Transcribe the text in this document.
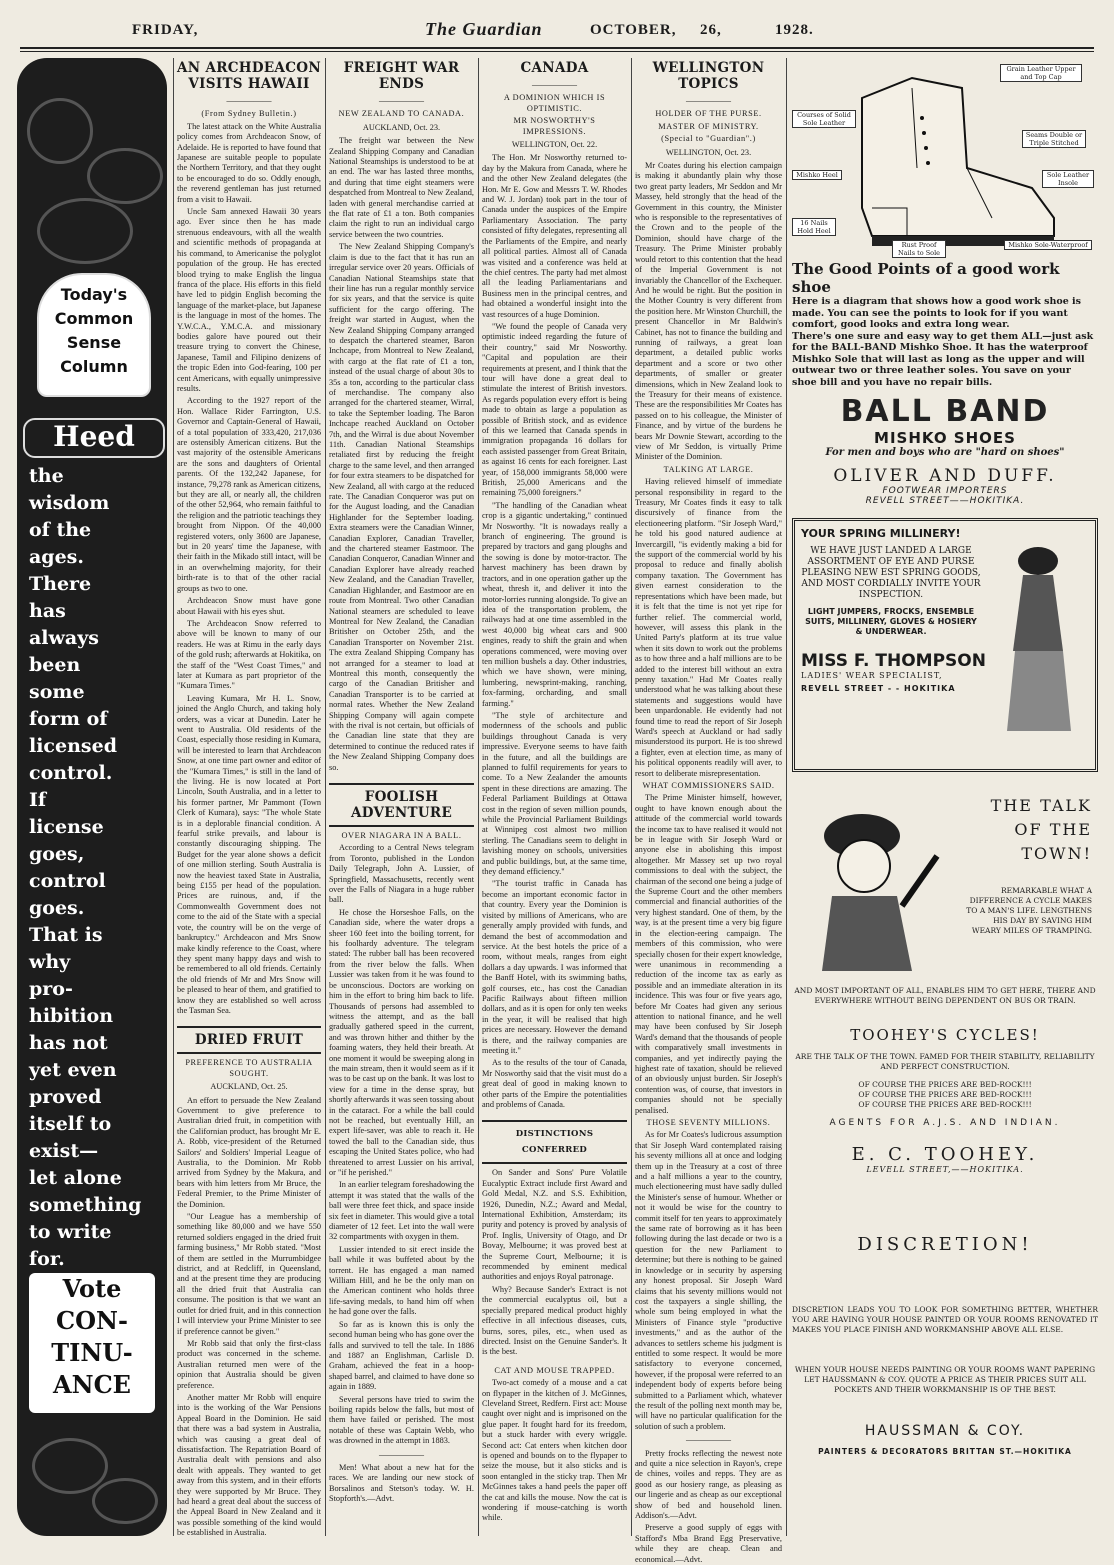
FRIDAY,	The Guardian	OCTOBER, 26,	1928.
Today's Common Sense Column
Heed
the
wisdom
of the
ages.
There
has
always
been
some
form of
licensed
control.
If
license
goes,
control
goes.
That is
why
pro-
hibition
has not
yet even
proved
itself to
exist—
let alone
something
to write
for.
Vote
CON-
TINU-
ANCE
AN ARCHDEACON VISITS HAWAII
—————
(From Sydney Bulletin.)

The latest attack on the White Australia policy comes from Archdeacon Snow, of Adelaide. He is reported to have found that Japanese are suitable people to populate the Northern Territory, and that they ought to be encouraged to do so. Oddly enough, the reverend gentleman has just returned from a visit to Hawaii.

Uncle Sam annexed Hawaii 30 years ago. Ever since then he has made strenuous endeavours, with all the wealth and scientific methods of propaganda at his command, to Americanise the polyglot population of the group. He has erected blood trying to make English the lingua franca of the place. His efforts in this field have led to pidgin English becoming the language of the market-place, but Japanese is the language in most of the homes. The Y.W.C.A., Y.M.C.A. and missionary bodies galore have poured out their treasure trying to convert the Chinese, Japanese, Tamil and Filipino denizens of the tropic Eden into God-fearing, 100 per cent Americans, with equally unimpressive results.

According to the 1927 report of the Hon. Wallace Rider Farrington, U.S. Governor and Captain-General of Hawaii, of a total population of 333,420, 217,036 are ostensibly American citizens. But the vast majority of the ostensible Americans are the sons and daughters of Oriental parents. Of the 132,242 Japanese, for instance, 79,278 rank as American citizens, but they are all, or nearly all, the children of the other 52,964, who remain faithful to the religion and the patriotic teachings they brought from Nippon. Of the 40,000 registered voters, only 3600 are Japanese, but in 20 years' time the Japanese, with their faith in the Mikado still intact, will be in an overwhelming majority, for their birth-rate is to that of the other racial groups as two to one.

Archdeacon Snow must have gone about Hawaii with his eyes shut.

The Archdeacon Snow referred to above will be known to many of our readers. He was at Rimu in the early days of the gold rush; afterwards at Hokitika, on the staff of the "West Coast Times," and later at Kumara as part proprietor of the "Kumara Times."

Leaving Kumara, Mr H. L. Snow, joined the Anglo Church, and taking holy orders, was a vicar at Dunedin. Later he went to Australia. Old residents of the Coast, especially those residing in Kumara, will be interested to learn that Archdeacon Snow, at one time part owner and editor of the "Kumara Times," is still in the land of the living. He is now located at Port Lincoln, South Australia, and in a letter to his former partner, Mr Pammont (Town Clerk of Kumara), says: "The whole State is in a deplorable financial condition. A fearful strike prevails, and labour is constantly discouraging shipping. The Budget for the year alone shows a deficit of one million sterling. South Australia is now the heaviest taxed State in Australia, being £155 per head of the population. Prices are ruinous, and, if the Commonwealth Government does not come to the aid of the State with a special vote, the country will be on the verge of bankruptcy." Archdeacon and Mrs Snow make kindly reference to the Coast, where they spent many happy days and wish to be remembered to all old friends. Certainly the old friends of Mr and Mrs Snow will be pleased to hear of them, and gratified to know they are established so well across the Tasman Sea.

DRIED FRUIT
PREFERENCE TO AUSTRALIA SOUGHT.
AUCKLAND, Oct. 25.

An effort to persuade the New Zealand Government to give preference to Australian dried fruit, in competition with the Californian product, has brought Mr E. A. Robb, vice-president of the Returned Sailors' and Soldiers' Imperial League of Australia, to the Dominion. Mr Robb arrived from Sydney by the Makura, and bears with him letters from Mr Bruce, the Federal Premier, to the Prime Minister of the Dominion.

"Our League has a membership of something like 80,000 and we have 550 returned soldiers engaged in the dried fruit farming business," Mr Robb stated. "Most of them are settled in the Murrumbidgee district, and at Redcliff, in Queensland, and at the present time they are producing all the dried fruit that Australia can consume. The position is that we want an outlet for dried fruit, and in this connection I will interview your Prime Minister to see if preference cannot be given."

Mr Robb said that only the first-class product was concerned in the scheme. Australian returned men were of the opinion that Australia should be given preference.

Another matter Mr Robb will enquire into is the working of the War Pensions Appeal Board in the Dominion. He said that there was a bad system in Australia, which was causing a great deal of dissatisfaction. The Repatriation Board of Australia dealt with pensions and also dealt with appeals. They wanted to get away from this system, and in their efforts they were supported by Mr Bruce. They had heard a great deal about the success of the Appeal Board in New Zealand and it was possible something of the kind would be established in Australia.

FREIGHT WAR ENDS
—————
NEW ZEALAND TO CANADA.
AUCKLAND, Oct. 23.

The freight war between the New Zealand Shipping Company and Canadian National Steamships is understood to be at an end. The war has lasted three months, and during that time eight steamers were despatched from Montreal to New Zealand, laden with general merchandise carried at the flat rate of £1 a ton. Both companies claim the right to run an individual cargo service between the two countries.

The New Zealand Shipping Company's claim is due to the fact that it has run an irregular service over 20 years. Officials of Canadian National Steamships state that their line has run a regular monthly service for six years, and that the service is quite sufficient for the cargo offering. The freight war started in August, when the New Zealand Shipping Company arranged to despatch the chartered steamer, Baron Inchcape, from Montreal to New Zealand, with cargo at the flat rate of £1 a ton, instead of the usual charge of about 30s to 35s a ton, according to the particular class of merchandise. The company also arranged for the chartered steamer, Wirral, to take the September loading. The Baron Inchcape reached Auckland on October 7th, and the Wirral is due about November 11th. Canadian National Steamships retaliated first by reducing the freight charge to the same level, and then arranged for four extra steamers to be dispatched for New Zealand, all with cargo at the reduced rate. The Canadian Conqueror was put on for the August loading, and the Canadian Highlander for the September loading. Extra steamers were the Canadian Winner, Canadian Explorer, Canadian Traveller, and the chartered steamer Eastmoor. The Canadian Conqueror, Canadian Winner and Canadian Explorer have already reached New Zealand, and the Canadian Traveller, Canadian Highlander, and Eastmoor are en route from Montreal. Two other Canadian National steamers are scheduled to leave Montreal for New Zealand, the Canadian Britisher on October 25th, and the Canadian Transporter on November 21st. The extra Zealand Shipping Company has not arranged for a steamer to load at Montreal this month, consequently the cargo of the Canadian Britisher and Canadian Transporter is to be carried at normal rates. Whether the New Zealand Shipping Company will again compete with the rival is not certain, but officials of the Canadian line state that they are determined to continue the reduced rates if the New Zealand Shipping Company does so.

FOOLISH ADVENTURE
OVER NIAGARA IN A BALL.

According to a Central News telegram from Toronto, published in the London Daily Telegraph, John A. Lussier, of Springfield, Massachusetts, recently went over the Falls of Niagara in a huge rubber ball.

He chose the Horseshoe Falls, on the Canadian side, where the water drops a sheer 160 feet into the boiling torrent, for his foolhardy adventure. The telegram stated: The rubber ball has been recovered from the river below the falls. When Lussier was taken from it he was found to be unconscious. Doctors are working on him in the effort to bring him back to life. Thousands of persons had assembled to witness the attempt, and as the ball gradually gathered speed in the current, and was thrown hither and thither by the foaming waters, they held their breath. At one moment it would be sweeping along in the main stream, then it would seem as if it was to be cast up on the bank. It was lost to view for a time in the dense spray, but shortly afterwards it was seen tossing about in the cataract. For a while the ball could not be reached, but eventually Hill, an expert life-saver, was able to reach it. He towed the ball to the Canadian side, thus escaping the United States police, who had threatened to arrest Lussier on his arrival, or "if he perished."

In an earlier telegram foreshadowing the attempt it was stated that the walls of the ball were three feet thick, and space inside six feet in diameter. This would give a total diameter of 12 feet. Let into the wall were 32 compartments with oxygen in them.

Lussier intended to sit erect inside the ball while it was buffeted about by the torrent. He has engaged a man named William Hill, and he be the only man on the American continent who holds three life-saving medals, to hand him off when he had gone over the falls.

So far as is known this is only the second human being who has gone over the falls and survived to tell the tale. In 1886 and 1887 an Englishman, Carlisle D. Graham, achieved the feat in a hoop-shaped barrel, and claimed to have done so again in 1889.

Several persons have tried to swim the boiling rapids below the falls, but most of them have failed or perished. The most notable of these was Captain Webb, who was drowned in the attempt in 1883.

—————

Men! What about a new hat for the races. We are landing our new stock of Borsalinos and Stetson's today. W. H. Stopforth's.—Advt.

CANADA
—————
A DOMINION WHICH IS OPTIMISTIC.
MR NOSWORTHY'S IMPRESSIONS.
WELLINGTON, Oct. 22.

The Hon. Mr Nosworthy returned to-day by the Makura from Canada, where he and the other New Zealand delegates (the Hon. Mr E. Gow and Messrs T. W. Rhodes and W. J. Jordan) took part in the tour of Canada under the auspices of the Empire Parliamentary Association. The party consisted of fifty delegates, representing all the Parliaments of the Empire, and nearly all political parties. Almost all of Canada was visited and a conference was held at the chief centres. The party had met almost all the leading Parliamentarians and Business men in the principal centres, and had obtained a wonderful insight into the vast resources of a huge Dominion.

"We found the people of Canada very optimistic indeed regarding the future of their country," said Mr Nosworthy. "Capital and population are their requirements at present, and I think that the tour will have done a great deal to stimulate the interest of British investors. As regards population every effort is being made to obtain as large a population as possible of British stock, and as evidence of this we learned that Canada spends in immigration propaganda 16 dollars for each assisted passenger from Great Britain, as against 16 cents for each foreigner. Last year, of 158,000 immigrants 58,000 were British, 25,000 Americans and the remaining 75,000 foreigners."

"The handling of the Canadian wheat crop is a gigantic undertaking," continued Mr Nosworthy. "It is nowadays really a branch of engineering. The ground is prepared by tractors and gang ploughs and the sowing is done by motor-tractor. The harvest machinery has been drawn by tractors, and in one operation gather up the wheat, thresh it, and deliver it into the motor-lorries running alongside. To give an idea of the transportation problem, the railways had at one time assembled in the west 40,000 big wheat cars and 900 engines, ready to shift the grain and when operations commenced, were moving over ten million bushels a day. Other industries, which we have shown, were mining, lumbering, newsprint-making, ranching, fox-farming, orcharding, and small farming."

"The style of architecture and modernness of the schools and public buildings throughout Canada is very impressive. Everyone seems to have faith in the future, and all the buildings are planned to fulfil requirements for years to come. To a New Zealander the amounts spent in these directions are amazing. The Federal Parliament Buildings at Ottawa cost in the region of seven million pounds, while the Provincial Parliament Buildings at Winnipeg cost almost two million sterling. The Canadians seem to delight in lavishing money on schools, universities and public buildings, but, at the same time, they demand efficiency."

"The tourist traffic in Canada has become an important economic factor in that country. Every year the Dominion is visited by millions of Americans, who are generally amply provided with funds, and demand the best of accommodation and service. At the best hotels the price of a room, without meals, ranges from eight dollars a day upwards. I was informed that the Banff Hotel, with its swimming baths, golf courses, etc., has cost the Canadian Pacific Railways about fifteen million dollars, and as it is open for only ten weeks in the year, it will be realised that high prices are necessary. However the demand is there, and the railway companies are meeting it."

As to the results of the tour of Canada, Mr Nosworthy said that the visit must do a great deal of good in making known to other parts of the Empire the potentialities and problems of Canada.

DISTINCTIONS CONFERRED

On Sander and Sons' Pure Volatile Eucalyptic Extract include first Award and Gold Medal, N.Z. and S.S. Exhibition, 1926, Dunedin, N.Z.; Award and Medal, International Exhibition, Amsterdam; its purity and potency is proved by analysis of Prof. Inglis, University of Otago, and Dr Bovay, Melbourne; it was proved best at the Supreme Court, Melbourne; it is recommended by eminent medical authorities and enjoys Royal patronage.

Why? Because Sander's Extract is not the commercial eucalyptus oil, but a specially prepared medical product highly effective in all infectious diseases, cuts, burns, sores, piles, etc., when used as directed. Insist on the Genuine Sander's. It is the best.

CAT AND MOUSE TRAPPED.

Two-act comedy of a mouse and a cat on flypaper in the kitchen of J. McGinnes, Cleveland Street, Redfern. First act: Mouse caught over night and is imprisoned on the glue paper. It fought hard for its freedom, but a stuck harder with every wriggle. Second act: Cat enters when kitchen door is opened and bounds on to the flypaper to seize the mouse, but it also sticks and is soon entangled in the sticky trap. Then Mr McGinnes takes a hand peels the paper off the cat and kills the mouse. Now the cat is wondering if mouse-catching is worth while.

WELLINGTON TOPICS
—————
HOLDER OF THE PURSE.
MASTER OF MINISTRY.
(Special to "Guardian".)
WELLINGTON, Oct. 23.

Mr Coates during his election campaign is making it abundantly plain why those two great party leaders, Mr Seddon and Mr Massey, held strongly that the head of the Government in this country, the Minister who is responsible to the representatives of the Crown and to the people of the Dominion, should have charge of the Treasury. The Prime Minister probably would retort to this contention that the head of the Imperial Government is not invariably the Chancellor of the Exchequer. And he would be right. But the position in the Mother Country is very different from the position here. Mr Winston Churchill, the present Chancellor in Mr Baldwin's Cabinet, has not to finance the building and running of railways, a great loan department, a detailed public works department and a score or two other departments, of smaller or greater dimensions, which in New Zealand look to the Treasury for their means of existence. These are the responsibilities Mr Coates has passed on to his colleague, the Minister of Finance, and by virtue of the burdens he bears Mr Downie Stewart, according to the view of Mr Seddon, is virtually Prime Minister of the Dominion.

TALKING AT LARGE.

Having relieved himself of immediate personal responsibility in regard to the Treasury, Mr Coates finds it easy to talk discursively of finance from the electioneering platform. "Sir Joseph Ward," he told his good natured audience at Invercargill, "is evidently making a bid for the support of the commercial world by his proposal to reduce and finally abolish company taxation. The Government has given earnest consideration to the representations which have been made, but it is felt that the time is not yet ripe for further relief. The commercial world, however, will assess this plank in the United Party's platform at its true value when it sits down to work out the problems as to how three and a half millions are to be added to the interest bill without an extra penny taxation." Had Mr Coates really understood what he was talking about these statements and suggestions would have been unpardonable. He evidently had not found time to read the report of Sir Joseph Ward's speech at Auckland or had sadly misunderstood its purport. He is too shrewd a fighter, even at election time, as many of his political opponents readily will aver, to resort to deliberate misrepresentation.

WHAT COMMISSIONERS SAID.

The Prime Minister himself, however, ought to have known enough about the attitude of the commercial world towards the income tax to have realised it would not be in league with Sir Joseph Ward or anyone else in abolishing this impost altogether. Mr Massey set up two royal commissions to deal with the subject, the chairman of the second one being a judge of the Supreme Court and the other members commercial and financial authorities of the very highest standard. One of them, by the way, is at the present time a very big figure in the election-eering campaign. The members of this commission, who were specially chosen for their expert knowledge, were unanimous in recommending a reduction of the income tax as early as possible and an immediate alteration in its incidence. This was four or five years ago, before Mr Coates had given any serious attention to national finance, and he well may have been confused by Sir Joseph Ward's demand that the thousands of people with comparatively small investments in companies, and yet indirectly paying the highest rate of taxation, should be relieved of an obviously unjust burden. Sir Joseph's contention was, of course, that investors in companies should not be specially penalised.

THOSE SEVENTY MILLIONS.

As for Mr Coates's ludicrous assumption that Sir Joseph Ward contemplated raising his seventy millions all at once and lodging them up in the Treasury at a cost of three and a half millions a year to the country, much electioneering must have sadly dulled the Minister's sense of humour. Whether or not it would be wise for the country to commit itself for ten years to approximately the same rate of borrowing as it has been following during the last decade or two is a question for the new Parliament to determine; but there is nothing to be gained in knowledge or in security by aspersing any honest proposal. Sir Joseph Ward claims that his seventy millions would not cost the taxpayers a single shilling, the whole sum being employed in what the Ministers of Finance style "productive investments," and as the author of the advances to settlers scheme his judgment is entitled to some respect. It would be more satisfactory to everyone concerned, however, if the proposal were referred to an independent body of experts before being submitted to a Parliament which, whatever the result of the polling next month may be, will have no particular qualification for the solution of such a problem.

—————

Pretty frocks reflecting the newest note and quite a nice selection in Rayon's, crepe de chines, voiles and repps. They are as good as our hosiery range, as pleasing as our lingerie and as cheap as our exceptional show of bed and household linen. Addison's.—Advt.

Preserve a good supply of eggs with Stafford's Mba Brand Egg Preservative, while they are cheap. Clean and economical.—Advt.

Grain Leather Upper and Top Cap
Courses of Solid Sole Leather
Seams Double or Triple Stitched
Mishko Heel	Sole Leather Insole
16 Nails Hold Heel
Rust Proof Nails to Sole
Mishko Sole-Waterproof
The Good Points of a good work shoe
Here is a diagram that shows how a good work shoe is made. You can see the points to look for if you want comfort, good looks and extra long wear.
There's one sure and easy way to get them ALL—just ask for the BALL-BAND Mishko Shoe. It has the waterproof Mishko Sole that will last as long as the upper and will outwear two or three leather soles. You save on your shoe bill and you have no repair bills.
BALL BAND
MISHKO SHOES
For men and boys who are "hard on shoes"
OLIVER AND DUFF.
FOOTWEAR IMPORTERS
REVELL STREET——HOKITIKA.
YOUR SPRING MILLINERY!
WE HAVE JUST LANDED A LARGE ASSORTMENT OF EYE AND PURSE PLEASING NEW EST SPRING GOODS, AND MOST CORDIALLY INVITE YOUR INSPECTION.
LIGHT JUMPERS, FROCKS, ENSEMBLE SUITS, MILLINERY, GLOVES & HOSIERY & UNDERWEAR.
MISS F. THOMPSON
LADIES' WEAR SPECIALIST,
REVELL STREET - - HOKITIKA
THE TALK
OF THE
TOWN!
REMARKABLE WHAT A DIFFERENCE A CYCLE MAKES TO A MAN'S LIFE. LENGTHENS HIS DAY BY SAVING HIM WEARY MILES OF TRAMPING.
AND MOST IMPORTANT OF ALL, ENABLES HIM TO GET HERE, THERE AND EVERYWHERE WITHOUT BEING DEPENDENT ON BUS OR TRAIN.
TOOHEY'S CYCLES!
ARE THE TALK OF THE TOWN. FAMED FOR THEIR STABILITY, RELIABILITY AND PERFECT CONSTRUCTION.
OF COURSE THE PRICES ARE BED-ROCK!!!
OF COURSE THE PRICES ARE BED-ROCK!!!
OF COURSE THE PRICES ARE BED-ROCK!!!
AGENTS FOR A.J.S. AND INDIAN.
E. C. TOOHEY.
LEVELL STREET,——HOKITIKA.
DISCRETION!
DISCRETION LEADS YOU TO LOOK FOR SOMETHING BETTER, WHETHER YOU ARE HAVING YOUR HOUSE PAINTED OR YOUR ROOMS RENOVATED IT MAKES YOU PLACE FINISH AND WORKMANSHIP ABOVE ALL ELSE.
WHEN YOUR HOUSE NEEDS PAINTING OR YOUR ROOMS WANT PAPERING LET HAUSSMANN & COY. QUOTE A PRICE AS THEIR PRICES SUIT ALL POCKETS AND THEIR WORKMANSHIP IS OF THE BEST.
HAUSSMAN & COY.
PAINTERS & DECORATORS BRITTAN ST.—HOKITIKA
